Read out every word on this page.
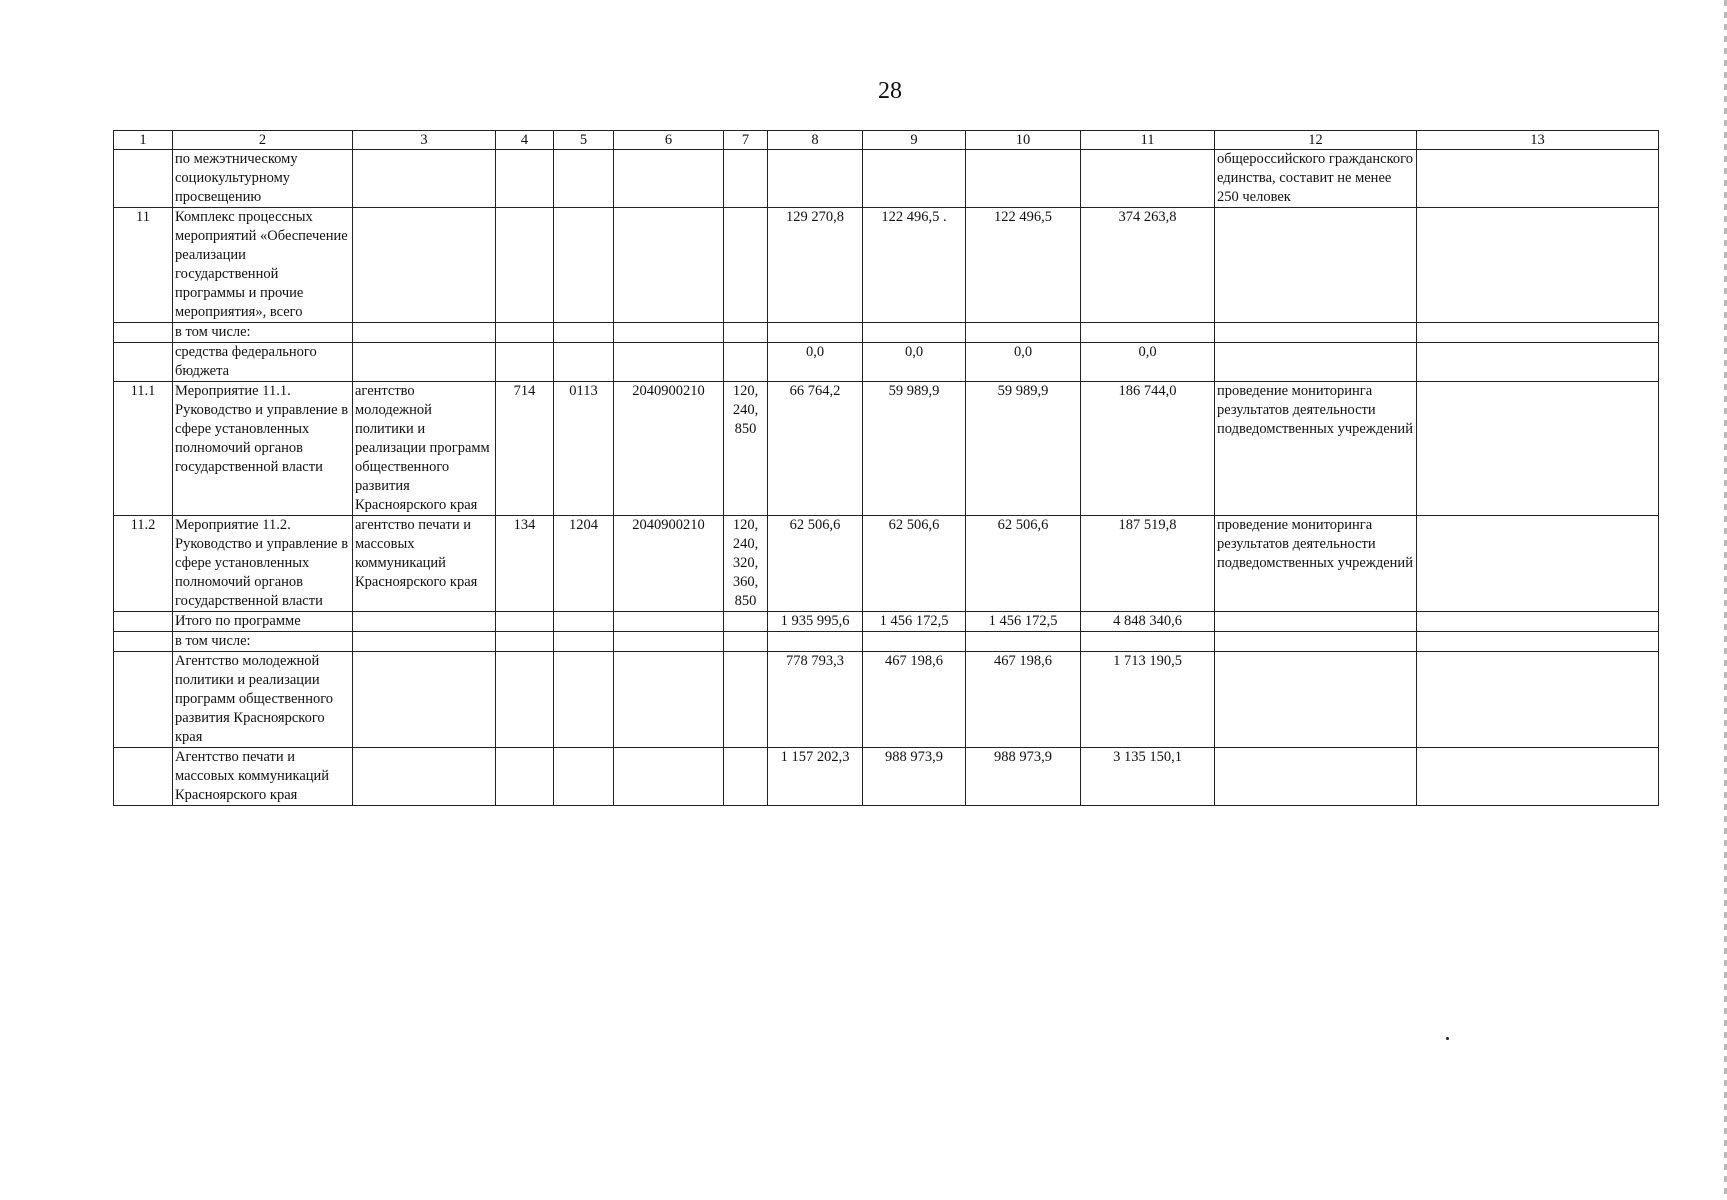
28
1	2	3	4	5	6	7	8	9	10	11	12	13
	по межэтническому социокультурному просвещению										общероссийского гражданского единства, составит не менее 250 человек	
11	Комплекс процессных мероприятий «Обеспечение реализации государственной программы и прочие мероприятия», всего						129 270,8	122 496,5 .	122 496,5	374 263,8		
	в том числе:											
	средства федерального бюджета						0,0	0,0	0,0	0,0		
11.1	Мероприятие 11.1. Руководство и управление в сфере установленных полномочий органов государственной власти	агентство молодежной политики и реализации программ общественного развития Красноярского края	714	0113	2040900210	120, 240, 850	66 764,2	59 989,9	59 989,9	186 744,0	проведение мониторинга результатов деятельности подведомственных учреждений	
11.2	Мероприятие 11.2. Руководство и управление в сфере установленных полномочий органов государственной власти	агентство печати и массовых коммуникаций Красноярского края	134	1204	2040900210	120, 240, 320, 360, 850	62 506,6	62 506,6	62 506,6	187 519,8	проведение мониторинга результатов деятельности подведомственных учреждений	
	Итого по программе						1 935 995,6	1 456 172,5	1 456 172,5	4 848 340,6		
	в том числе:											
	Агентство молодежной политики и реализации программ общественного развития Красноярского края						778 793,3	467 198,6	467 198,6	1 713 190,5		
	Агентство печати и массовых коммуникаций Красноярского края						1 157 202,3	988 973,9	988 973,9	3 135 150,1		
